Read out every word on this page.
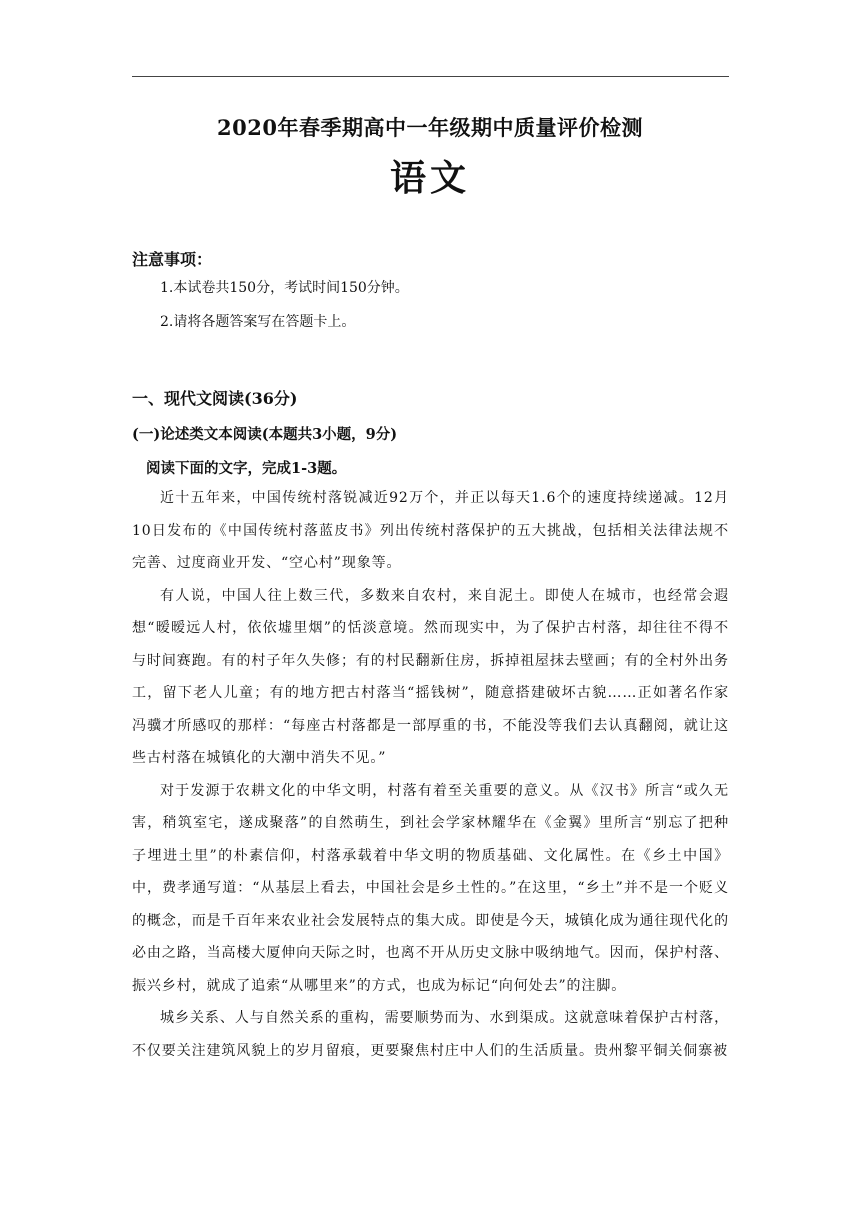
2020年春季期高中一年级期中质量评价检测
语文
注意事项：
1.本试卷共150分，考试时间150分钟。
2.请将各题答案写在答题卡上。
一、现代文阅读(36分)
(一)论述类文本阅读(本题共3小题，9分)
阅读下面的文字，完成1-3题。

近十五年来，中国传统村落锐减近92万个，并正以每天1.6个的速度持续递减。12月10日发布的《中国传统村落蓝皮书》列出传统村落保护的五大挑战，包括相关法律法规不完善、过度商业开发、“空心村”现象等。

有人说，中国人往上数三代，多数来自农村，来自泥土。即使人在城市，也经常会遐想“暧暧远人村，依依墟里烟”的恬淡意境。然而现实中，为了保护古村落，却往往不得不与时间赛跑。有的村子年久失修；有的村民翻新住房，拆掉祖屋抹去壁画；有的全村外出务工，留下老人儿童；有的地方把古村落当“摇钱树”，随意搭建破坏古貌……正如著名作家冯骥才所感叹的那样：“每座古村落都是一部厚重的书，不能没等我们去认真翻阅，就让这些古村落在城镇化的大潮中消失不见。”

对于发源于农耕文化的中华文明，村落有着至关重要的意义。从《汉书》所言“或久无害，稍筑室宅，遂成聚落”的自然萌生，到社会学家林耀华在《金翼》里所言“别忘了把种子埋进土里”的朴素信仰，村落承载着中华文明的物质基础、文化属性。在《乡土中国》中，费孝通写道：“从基层上看去，中国社会是乡土性的。”在这里，“乡土”并不是一个贬义的概念，而是千百年来农业社会发展特点的集大成。即使是今天，城镇化成为通往现代化的必由之路，当高楼大厦伸向天际之时，也离不开从历史文脉中吸纳地气。因而，保护村落、振兴乡村，就成了追索“从哪里来”的方式，也成为标记“向何处去”的注脚。

城乡关系、人与自然关系的重构，需要顺势而为、水到渠成。这就意味着保护古村落，不仅要关注建筑风貌上的岁月留痕，更要聚焦村庄中人们的生活质量。贵州黎平铜关侗寨被
